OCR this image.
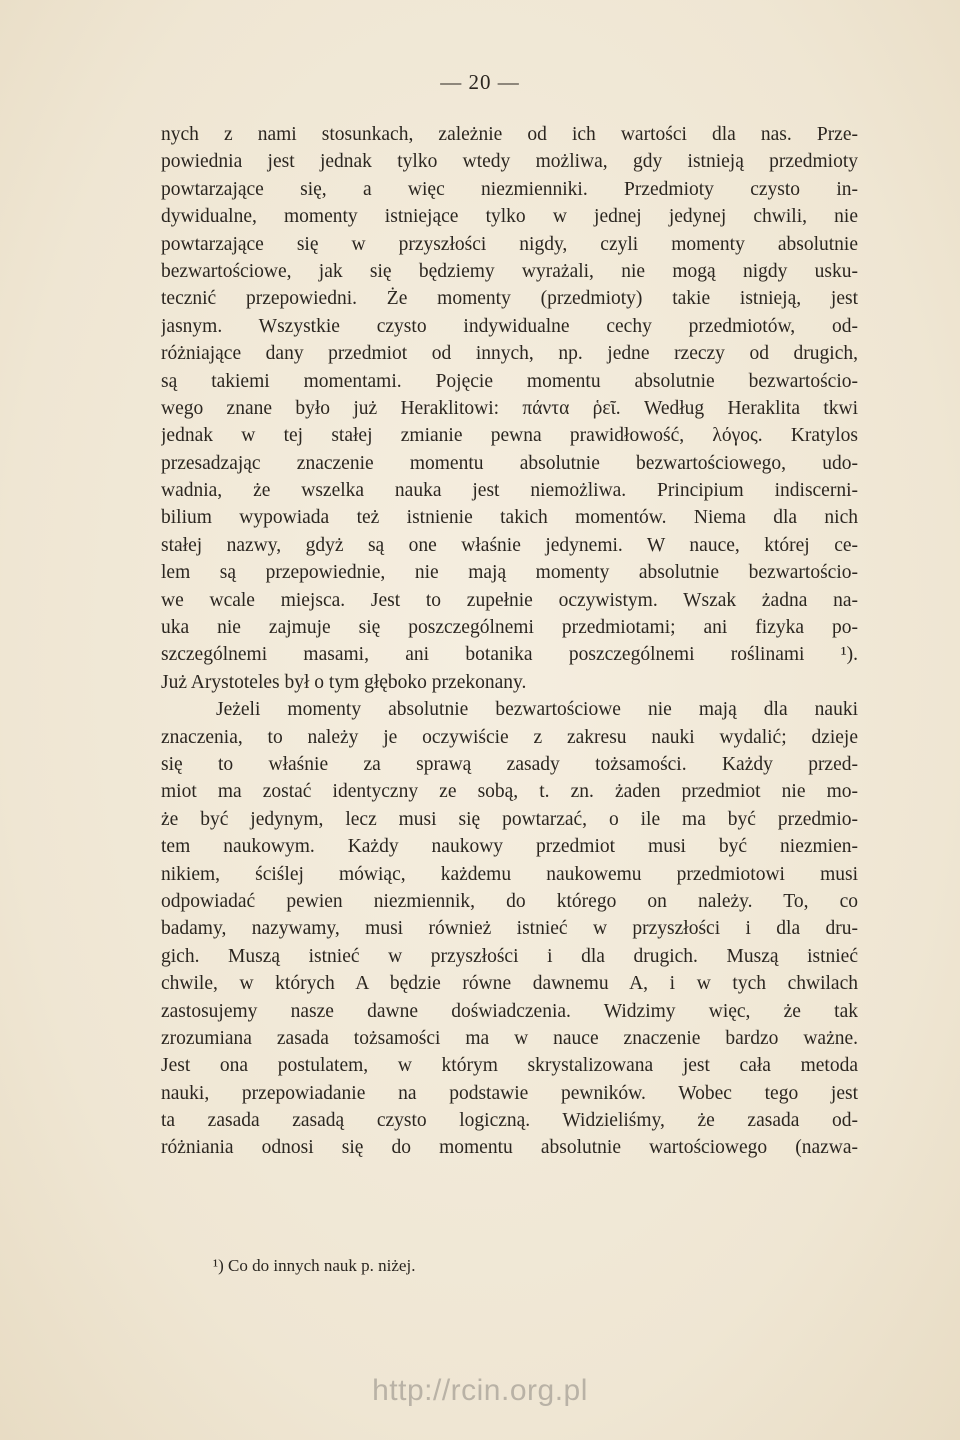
— 20 —
nych z nami stosunkach, zależnie od ich wartości dla nas. Prze-
powiednia jest jednak tylko wtedy możliwa, gdy istnieją przedmioty
powtarzające się, a więc niezmienniki. Przedmioty czysto in-
dywidualne, momenty istniejące tylko w jednej jedynej chwili, nie
powtarzające się w przyszłości nigdy, czyli momenty absolutnie
bezwartościowe, jak się będziemy wyrażali, nie mogą nigdy usku-
tecznić przepowiedni. Że momenty (przedmioty) takie istnieją, jest
jasnym. Wszystkie czysto indywidualne cechy przedmiotów, od-
różniające dany przedmiot od innych, np. jedne rzeczy od drugich,
są takiemi momentami. Pojęcie momentu absolutnie bezwartościo-
wego znane było już Heraklitowi: πάντα ῥεῖ. Według Heraklita tkwi
jednak w tej stałej zmianie pewna prawidłowość, λόγος. Kratylos
przesadzając znaczenie momentu absolutnie bezwartościowego, udo-
wadnia, że wszelka nauka jest niemożliwa. Principium indiscerni-
bilium wypowiada też istnienie takich momentów. Niema dla nich
stałej nazwy, gdyż są one właśnie jedynemi. W nauce, której ce-
lem są przepowiednie, nie mają momenty absolutnie bezwartościo-
we wcale miejsca. Jest to zupełnie oczywistym. Wszak żadna na-
uka nie zajmuje się poszczególnemi przedmiotami; ani fizyka po-
szczególnemi masami, ani botanika poszczególnemi roślinami ¹).
Już Arystoteles był o tym głęboko przekonany.
Jeżeli momenty absolutnie bezwartościowe nie mają dla nauki
znaczenia, to należy je oczywiście z zakresu nauki wydalić; dzieje
się to właśnie za sprawą zasady tożsamości. Każdy przed-
miot ma zostać identyczny ze sobą, t. zn. żaden przedmiot nie mo-
że być jedynym, lecz musi się powtarzać, o ile ma być przedmio-
tem naukowym. Każdy naukowy przedmiot musi być niezmien-
nikiem, ściślej mówiąc, każdemu naukowemu przedmiotowi musi
odpowiadać pewien niezmiennik, do którego on należy. To, co
badamy, nazywamy, musi również istnieć w przyszłości i dla dru-
gich. Muszą istnieć w przyszłości i dla drugich. Muszą istnieć
chwile, w których A będzie równe dawnemu A, i w tych chwilach
zastosujemy nasze dawne doświadczenia. Widzimy więc, że tak
zrozumiana zasada tożsamości ma w nauce znaczenie bardzo ważne.
Jest ona postulatem, w którym skrystalizowana jest cała metoda
nauki, przepowiadanie na podstawie pewników. Wobec tego jest
ta zasada zasadą czysto logiczną. Widzieliśmy, że zasada od-
różniania odnosi się do momentu absolutnie wartościowego (nazwa-
¹) Co do innych nauk p. niżej.
http://rcin.org.pl
